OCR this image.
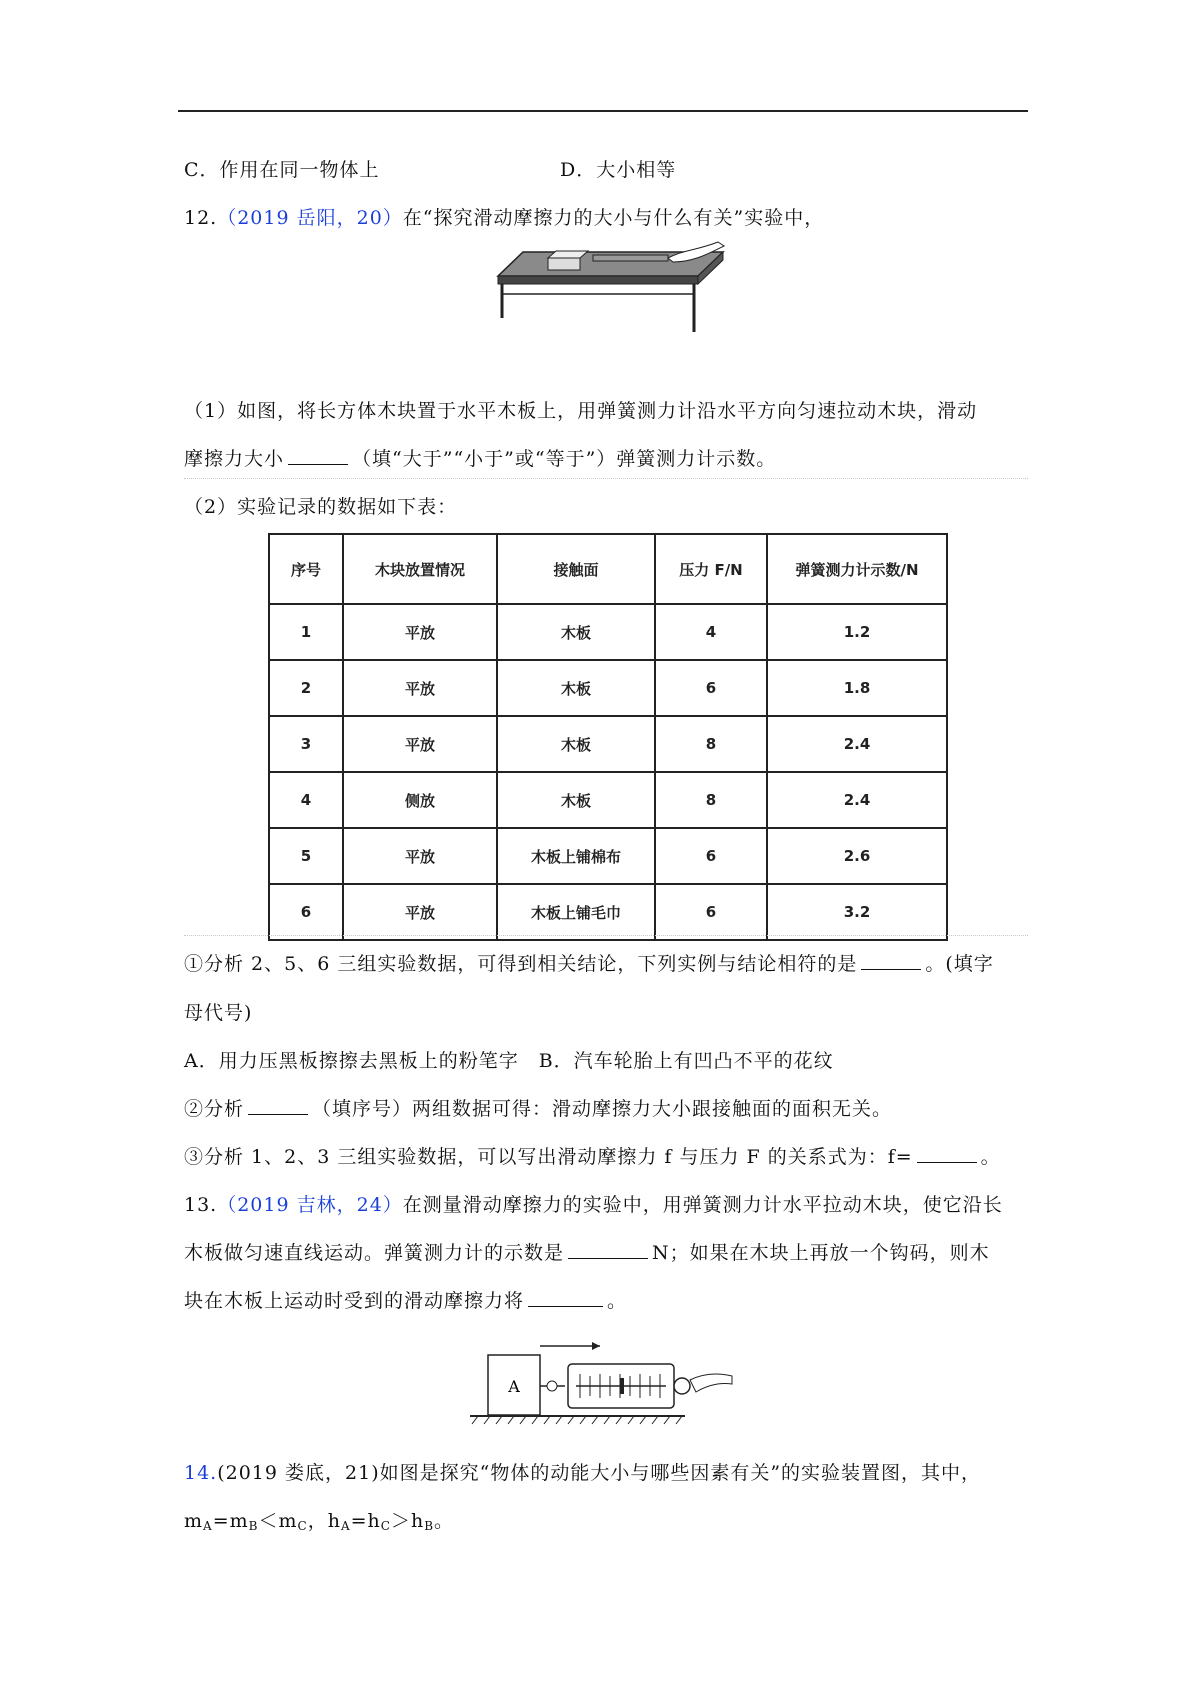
C．作用在同一物体上	D．大小相等
12.（2019 岳阳，20）在“探究滑动摩擦力的大小与什么有关”实验中，
（1）如图，将长方体木块置于水平木板上，用弹簧测力计沿水平方向匀速拉动木块，滑动
摩擦力大小	（填“大于”“小于”或“等于”）弹簧测力计示数。
（2）实验记录的数据如下表：
序号	木块放置情况	接触面	压力 F/N	弹簧测力计示数/N
1	平放	木板	4	1.2
2	平放	木板	6	1.8
3	平放	木板	8	2.4
4	侧放	木板	8	2.4
5	平放	木板上铺棉布	6	2.6
6	平放	木板上铺毛巾	6	3.2
①分析 2、5、6 三组实验数据，可得到相关结论，下列实例与结论相符的是	。(填字
母代号)
A．用力压黑板擦擦去黑板上的粉笔字　B．汽车轮胎上有凹凸不平的花纹
②分析	（填序号）两组数据可得：滑动摩擦力大小跟接触面的面积无关。
③分析 1、2、3 三组实验数据，可以写出滑动摩擦力 f 与压力 F 的关系式为：f=	。
13.（2019 吉林，24）在测量滑动摩擦力的实验中，用弹簧测力计水平拉动木块，使它沿长
木板做匀速直线运动。弹簧测力计的示数是	N；如果在木块上再放一个钩码，则木
块在木板上运动时受到的滑动摩擦力将	。
A
14.(2019 娄底，21)如图是探究“物体的动能大小与哪些因素有关”的实验装置图，其中，
$m_A=m_B<m_C$，$h_A=h_C>h_B$。
